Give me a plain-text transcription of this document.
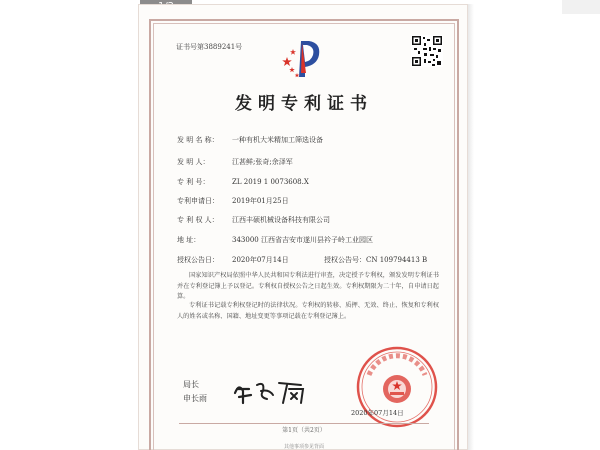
证书号第3889241号
发明专利证书
发 明 名 称： 一种有机大米精加工筛选设备
发 明 人：	江甚鲜;张奇;余泽军
专 利 号：	ZL 2019 1 0073608.X
专利申请日： 2019年01月25日
专 利 权 人： 江西丰硕机械设备科技有限公司
地 址：	343000 江西省吉安市遂川县衿子岭工业园区
授权公告日： 2020年07月14日	授权公告号：CN 109794413 B
国家知识产权局依照中华人民共和国专利法进行审查，决定授予专利权，颁发发明专利证书并在专利登记簿上予以登记。专利权自授权公告之日起生效。专利权期限为二十年，自申请日起算。
专利证书记载专利权登记时的法律状况。专利权的转移、质押、无效、终止、恢复和专利权人的姓名或名称、国籍、地址变更等事项记载在专利登记簿上。
局长
申长雨
2020年07月14日
第1页（共2页）
其他事项参见背面
